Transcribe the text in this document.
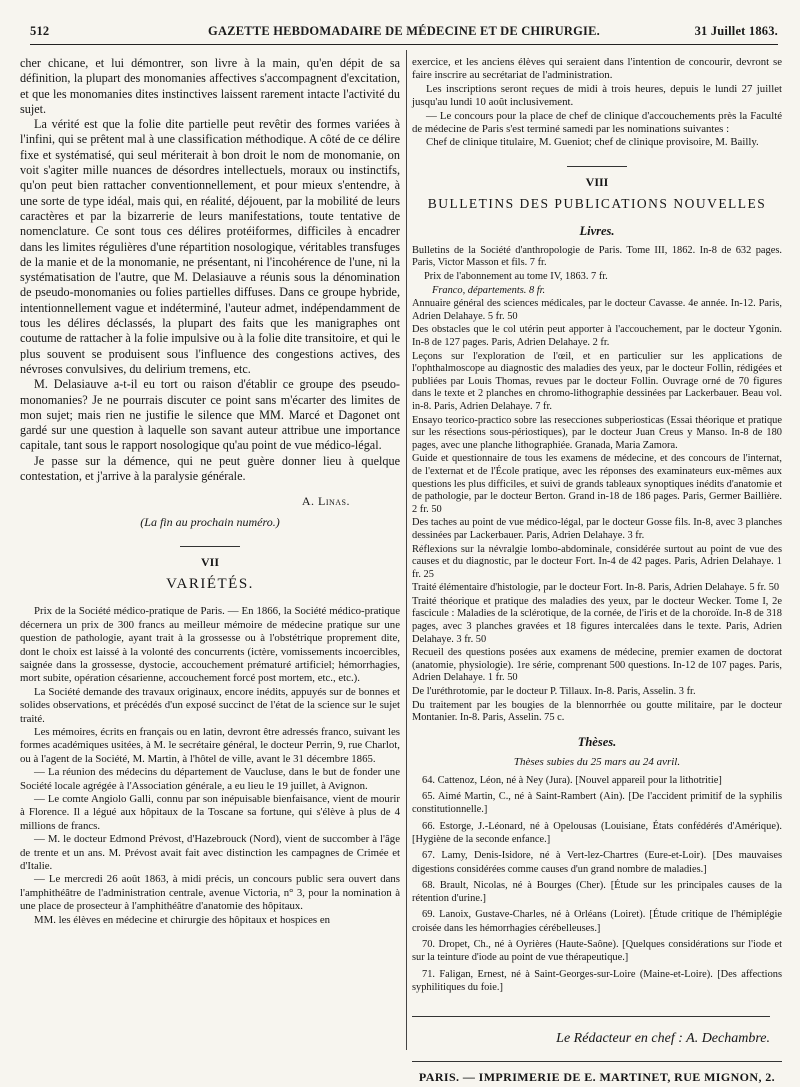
512	GAZETTE HEBDOMADAIRE DE MÉDECINE ET DE CHIRURGIE.	31 Juillet 1863.

cher chicane, et lui démontrer, son livre à la main, qu'en dépit de sa définition, la plupart des monomanies affectives s'accompagnent d'excitation, et que les monomanies dites instinctives laissent rarement intacte l'activité du sujet.

La vérité est que la folie dite partielle peut revêtir des formes variées à l'infini, qui se prêtent mal à une classification méthodique. A côté de ce délire fixe et systématisé, qui seul mériterait à bon droit le nom de monomanie, on voit s'agiter mille nuances de désordres intellectuels, moraux ou instinctifs, qu'on peut bien rattacher conventionnellement, et pour mieux s'entendre, à une sorte de type idéal, mais qui, en réalité, déjouent, par la mobilité de leurs caractères et par la bizarrerie de leurs manifestations, toute tentative de nomenclature. Ce sont tous ces délires protéiformes, difficiles à encadrer dans les limites régulières d'une répartition nosologique, véritables transfuges de la manie et de la monomanie, ne présentant, ni l'incohérence de l'une, ni la systématisation de l'autre, que M. Delasiauve a réunis sous la dénomination de pseudo-monomanies ou folies partielles diffuses. Dans ce groupe hybride, intentionnellement vague et indéterminé, l'auteur admet, indépendamment de tous les délires déclassés, la plupart des faits que les manigraphes ont coutume de rattacher à la folie impulsive ou à la folie dite transitoire, et qui le plus souvent se produisent sous l'influence des congestions actives, des névroses convulsives, du delirium tremens, etc.

M. Delasiauve a-t-il eu tort ou raison d'établir ce groupe des pseudo-monomanies? Je ne pourrais discuter ce point sans m'écarter des limites de mon sujet; mais rien ne justifie le silence que MM. Marcé et Dagonet ont gardé sur une question à laquelle son savant auteur attribue une importance capitale, tant sous le rapport nosologique qu'au point de vue médico-légal.

Je passe sur la démence, qui ne peut guère donner lieu à quelque contestation, et j'arrive à la paralysie générale.

A. Linas.
(La fin au prochain numéro.)
VII
VARIÉTÉS.

Prix de la Société médico-pratique de Paris. — En 1866, la Société médico-pratique décernera un prix de 300 francs au meilleur mémoire de médecine pratique sur une question de pathologie, ayant trait à la grossesse ou à l'obstétrique proprement dite, dont le choix est laissé à la volonté des concurrents (ictère, vomissements incoercibles, saignée dans la grossesse, dystocie, accouchement prématuré artificiel; hémorrhagies, mort subite, opération césarienne, accouchement forcé post mortem, etc., etc.).

La Société demande des travaux originaux, encore inédits, appuyés sur de bonnes et solides observations, et précédés d'un exposé succinct de l'état de la science sur le sujet traité.

Les mémoires, écrits en français ou en latin, devront être adressés franco, suivant les formes académiques usitées, à M. le secrétaire général, le docteur Perrin, 9, rue Charlot, ou à l'agent de la Société, M. Martin, à l'hôtel de ville, avant le 31 décembre 1865.

— La réunion des médecins du département de Vaucluse, dans le but de fonder une Société locale agrégée à l'Association générale, a eu lieu le 19 juillet, à Avignon.

— Le comte Angiolo Galli, connu par son inépuisable bienfaisance, vient de mourir à Florence. Il a légué aux hôpitaux de la Toscane sa fortune, qui s'élève à plus de 4 millions de francs.

— M. le docteur Edmond Prévost, d'Hazebrouck (Nord), vient de succomber à l'âge de trente et un ans. M. Prévost avait fait avec distinction les campagnes de Crimée et d'Italie.

— Le mercredi 26 août 1863, à midi précis, un concours public sera ouvert dans l'amphithéâtre de l'administration centrale, avenue Victoria, n° 3, pour la nomination à une place de prosecteur à l'amphithéâtre d'anatomie des hôpitaux.

MM. les élèves en médecine et chirurgie des hôpitaux et hospices en

exercice, et les anciens élèves qui seraient dans l'intention de concourir, devront se faire inscrire au secrétariat de l'administration.

Les inscriptions seront reçues de midi à trois heures, depuis le lundi 27 juillet jusqu'au lundi 10 août inclusivement.

— Le concours pour la place de chef de clinique d'accouchements près la Faculté de médecine de Paris s'est terminé samedi par les nominations suivantes :

Chef de clinique titulaire, M. Gueniot; chef de clinique provisoire, M. Bailly.

VIII
BULLETINS DES PUBLICATIONS NOUVELLES
Livres.

Bulletins de la Société d'anthropologie de Paris. Tome III, 1862. In-8 de 632 pages. Paris, Victor Masson et fils. 7 fr.

Prix de l'abonnement au tome IV, 1863. 7 fr.

Franco, départements. 8 fr.

Annuaire général des sciences médicales, par le docteur Cavasse. 4e année. In-12. Paris, Adrien Delahaye. 5 fr. 50

Des obstacles que le col utérin peut apporter à l'accouchement, par le docteur Ygonin. In-8 de 127 pages. Paris, Adrien Delahaye. 2 fr.

Leçons sur l'exploration de l'œil, et en particulier sur les applications de l'ophthalmoscope au diagnostic des maladies des yeux, par le docteur Follin, rédigées et publiées par Louis Thomas, revues par le docteur Follin. Ouvrage orné de 70 figures dans le texte et 2 planches en chromo-lithographie dessinées par Lackerbauer. Beau vol. in-8. Paris, Adrien Delahaye. 7 fr.

Ensayo teorico-practico sobre las resecciones subperiosticas (Essai théorique et pratique sur les résections sous-périostiques), par le docteur Juan Creus y Manso. In-8 de 180 pages, avec une planche lithographiée. Granada, Maria Zamora.

Guide et questionnaire de tous les examens de médecine, et des concours de l'internat, de l'externat et de l'École pratique, avec les réponses des examinateurs eux-mêmes aux questions les plus difficiles, et suivi de grands tableaux synoptiques inédits d'anatomie et de pathologie, par le docteur Berton. Grand in-18 de 186 pages. Paris, Germer Baillière. 2 fr. 50

Des taches au point de vue médico-légal, par le docteur Gosse fils. In-8, avec 3 planches dessinées par Lackerbauer. Paris, Adrien Delahaye. 3 fr.

Réflexions sur la névralgie lombo-abdominale, considérée surtout au point de vue des causes et du diagnostic, par le docteur Fort. In-4 de 42 pages. Paris, Adrien Delahaye. 1 fr. 25

Traité élémentaire d'histologie, par le docteur Fort. In-8. Paris, Adrien Delahaye. 5 fr. 50

Traité théorique et pratique des maladies des yeux, par le docteur Wecker. Tome I, 2e fascicule : Maladies de la sclérotique, de la cornée, de l'iris et de la choroïde. In-8 de 318 pages, avec 3 planches gravées et 18 figures intercalées dans le texte. Paris, Adrien Delahaye. 3 fr. 50

Recueil des questions posées aux examens de médecine, premier examen de doctorat (anatomie, physiologie). 1re série, comprenant 500 questions. In-12 de 107 pages. Paris, Adrien Delahaye. 1 fr. 50

De l'uréthrotomie, par le docteur P. Tillaux. In-8. Paris, Asselin. 3 fr.

Du traitement par les bougies de la blennorrhée ou goutte militaire, par le docteur Montanier. In-8. Paris, Asselin. 75 c.

Thèses.
Thèses subies du 25 mars au 24 avril.

64. Cattenoz, Léon, né à Ney (Jura). [Nouvel appareil pour la lithotritie]

65. Aimé Martin, C., né à Saint-Rambert (Ain). [De l'accident primitif de la syphilis constitutionnelle.]

66. Estorge, J.-Léonard, né à Opelousas (Louisiane, États confédérés d'Amérique). [Hygiène de la seconde enfance.]

67. Lamy, Denis-Isidore, né à Vert-lez-Chartres (Eure-et-Loir). [Des mauvaises digestions considérées comme causes d'un grand nombre de maladies.]

68. Brault, Nicolas, né à Bourges (Cher). [Étude sur les principales causes de la rétention d'urine.]

69. Lanoix, Gustave-Charles, né à Orléans (Loiret). [Étude critique de l'hémiplégie croisée dans les hémorrhagies cérébelleuses.]

70. Dropet, Ch., né à Oyrières (Haute-Saône). [Quelques considérations sur l'iode et sur la teinture d'iode au point de vue thérapeutique.]

71. Faligan, Ernest, né à Saint-Georges-sur-Loire (Maine-et-Loire). [Des affections syphilitiques du foie.]

Le Rédacteur en chef : A. Dechambre.
PARIS. — IMPRIMERIE DE E. MARTINET, RUE MIGNON, 2.
